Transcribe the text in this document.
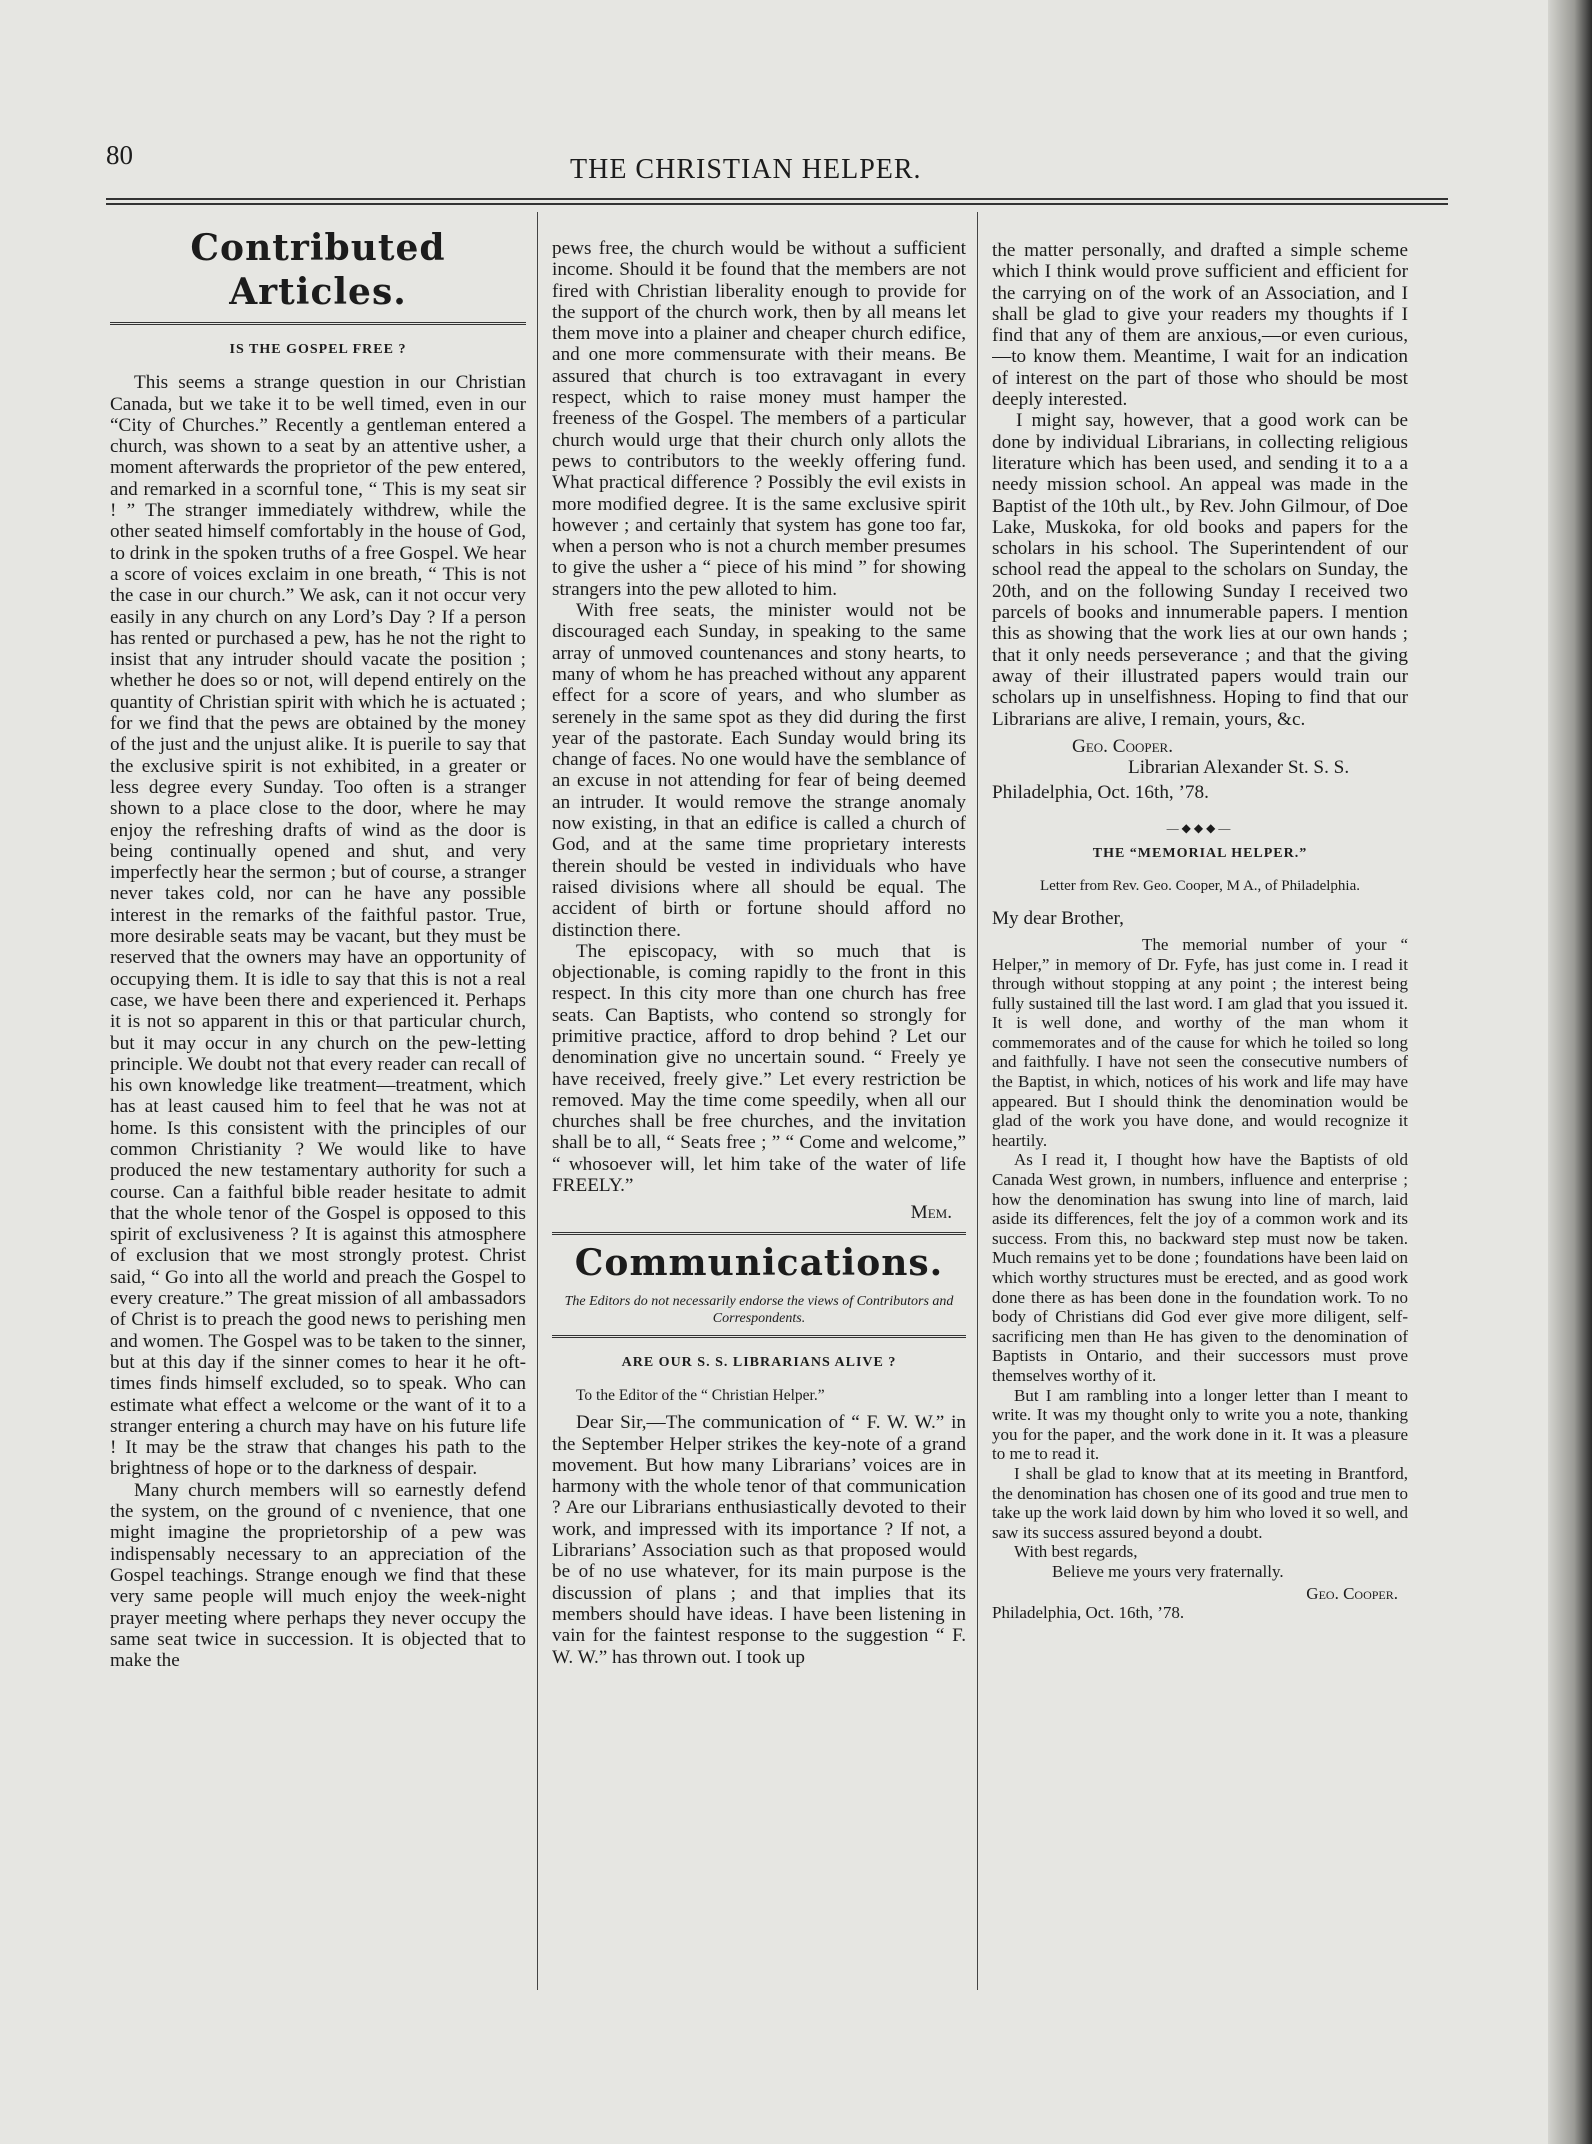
80	THE CHRISTIAN HELPER.
Contributed Articles.
IS THE GOSPEL FREE ?

This seems a strange question in our Christian Canada, but we take it to be well timed, even in our “City of Churches.” Recently a gentleman entered a church, was shown to a seat by an attentive usher, a moment afterwards the proprietor of the pew entered, and remarked in a scornful tone, “ This is my seat sir ! ” The stranger immediately withdrew, while the other seated himself comfortably in the house of God, to drink in the spoken truths of a free Gospel. We hear a score of voices exclaim in one breath, “ This is not the case in our church.” We ask, can it not occur very easily in any church on any Lord’s Day ? If a person has rented or purchased a pew, has he not the right to insist that any intruder should vacate the position ; whether he does so or not, will depend entirely on the quantity of Christian spirit with which he is actuated ; for we find that the pews are obtained by the money of the just and the unjust alike. It is puerile to say that the exclusive spirit is not exhibited, in a greater or less degree every Sunday. Too often is a stranger shown to a place close to the door, where he may enjoy the refreshing drafts of wind as the door is being continually opened and shut, and very imperfectly hear the sermon ; but of course, a stranger never takes cold, nor can he have any possible interest in the remarks of the faithful pastor. True, more desirable seats may be vacant, but they must be reserved that the owners may have an opportunity of occupying them. It is idle to say that this is not a real case, we have been there and experienced it. Perhaps it is not so apparent in this or that particular church, but it may occur in any church on the pew-letting principle. We doubt not that every reader can recall of his own knowledge like treatment—treatment, which has at least caused him to feel that he was not at home. Is this consistent with the principles of our common Christianity ? We would like to have produced the new testamentary authority for such a course. Can a faithful bible reader hesitate to admit that the whole tenor of the Gospel is opposed to this spirit of exclusiveness ? It is against this atmosphere of exclusion that we most strongly protest. Christ said, “ Go into all the world and preach the Gospel to every creature.” The great mission of all ambassadors of Christ is to preach the good news to perishing men and women. The Gospel was to be taken to the sinner, but at this day if the sinner comes to hear it he oft-times finds himself excluded, so to speak. Who can estimate what effect a welcome or the want of it to a stranger entering a church may have on his future life ! It may be the straw that changes his path to the brightness of hope or to the darkness of despair.

Many church members will so earnestly defend the system, on the ground of c nvenience, that one might imagine the proprietorship of a pew was indispensably necessary to an appreciation of the Gospel teachings. Strange enough we find that these very same people will much enjoy the week-night prayer meeting where perhaps they never occupy the same seat twice in succession. It is objected that to make the

pews free, the church would be without a sufficient income. Should it be found that the members are not fired with Christian liberality enough to provide for the support of the church work, then by all means let them move into a plainer and cheaper church edifice, and one more commensurate with their means. Be assured that church is too extravagant in every respect, which to raise money must hamper the freeness of the Gospel. The members of a particular church would urge that their church only allots the pews to contributors to the weekly offering fund. What practical difference ? Possibly the evil exists in more modified degree. It is the same exclusive spirit however ; and certainly that system has gone too far, when a person who is not a church member presumes to give the usher a “ piece of his mind ” for showing strangers into the pew alloted to him.

With free seats, the minister would not be discouraged each Sunday, in speaking to the same array of unmoved countenances and stony hearts, to many of whom he has preached without any apparent effect for a score of years, and who slumber as serenely in the same spot as they did during the first year of the pastorate. Each Sunday would bring its change of faces. No one would have the semblance of an excuse in not attending for fear of being deemed an intruder. It would remove the strange anomaly now existing, in that an edifice is called a church of God, and at the same time proprietary interests therein should be vested in individuals who have raised divisions where all should be equal. The accident of birth or fortune should afford no distinction there.

The episcopacy, with so much that is objectionable, is coming rapidly to the front in this respect. In this city more than one church has free seats. Can Baptists, who contend so strongly for primitive practice, afford to drop behind ? Let our denomination give no uncertain sound. “ Freely ye have received, freely give.” Let every restriction be removed. May the time come speedily, when all our churches shall be free churches, and the invitation shall be to all, “ Seats free ; ” “ Come and welcome,” “ whosoever will, let him take of the water of life FREELY.”

Mem.
Communications.
The Editors do not necessarily endorse the views of Contributors and Correspondents.
ARE OUR S. S. LIBRARIANS ALIVE ?
To the Editor of the “ Christian Helper.”

Dear Sir,—The communication of “ F. W. W.” in the September Helper strikes the key-note of a grand movement. But how many Librarians’ voices are in harmony with the whole tenor of that communication ? Are our Librarians enthusiastically devoted to their work, and impressed with its importance ? If not, a Librarians’ Association such as that proposed would be of no use whatever, for its main purpose is the discussion of plans ; and that implies that its members should have ideas. I have been listening in vain for the faintest response to the suggestion “ F. W. W.” has thrown out. I took up

the matter personally, and drafted a simple scheme which I think would prove sufficient and efficient for the carrying on of the work of an Association, and I shall be glad to give your readers my thoughts if I find that any of them are anxious,—or even curious,—to know them. Meantime, I wait for an indication of interest on the part of those who should be most deeply interested.

I might say, however, that a good work can be done by individual Librarians, in collecting religious literature which has been used, and sending it to a a needy mission school. An appeal was made in the Baptist of the 10th ult., by Rev. John Gilmour, of Doe Lake, Muskoka, for old books and papers for the scholars in his school. The Superintendent of our school read the appeal to the scholars on Sunday, the 20th, and on the following Sunday I received two parcels of books and innumerable papers. I mention this as showing that the work lies at our own hands ; that it only needs perseverance ; and that the giving away of their illustrated papers would train our scholars up in unselfishness. Hoping to find that our Librarians are alive, I remain, yours, &c.

Geo. Cooper.
Librarian Alexander St. S. S.
Philadelphia, Oct. 16th, ’78.
—◆◆◆—
THE “MEMORIAL HELPER.”
Letter from Rev. Geo. Cooper, M A., of Philadelphia.
My dear Brother,

The memorial number of your “ Helper,” in memory of Dr. Fyfe, has just come in. I read it through without stopping at any point ; the interest being fully sustained till the last word. I am glad that you issued it. It is well done, and worthy of the man whom it commemorates and of the cause for which he toiled so long and faithfully. I have not seen the consecutive numbers of the Baptist, in which, notices of his work and life may have appeared. But I should think the denomination would be glad of the work you have done, and would recognize it heartily.

As I read it, I thought how have the Baptists of old Canada West grown, in numbers, influence and enterprise ; how the denomination has swung into line of march, laid aside its differences, felt the joy of a common work and its success. From this, no backward step must now be taken. Much remains yet to be done ; foundations have been laid on which worthy structures must be erected, and as good work done there as has been done in the foundation work. To no body of Christians did God ever give more diligent, self-sacrificing men than He has given to the denomination of Baptists in Ontario, and their successors must prove themselves worthy of it.

But I am rambling into a longer letter than I meant to write. It was my thought only to write you a note, thanking you for the paper, and the work done in it. It was a pleasure to me to read it.

I shall be glad to know that at its meeting in Brantford, the denomination has chosen one of its good and true men to take up the work laid down by him who loved it so well, and saw its success assured beyond a doubt.

With best regards,

Believe me yours very fraternally.

Geo. Cooper.
Philadelphia, Oct. 16th, ’78.
